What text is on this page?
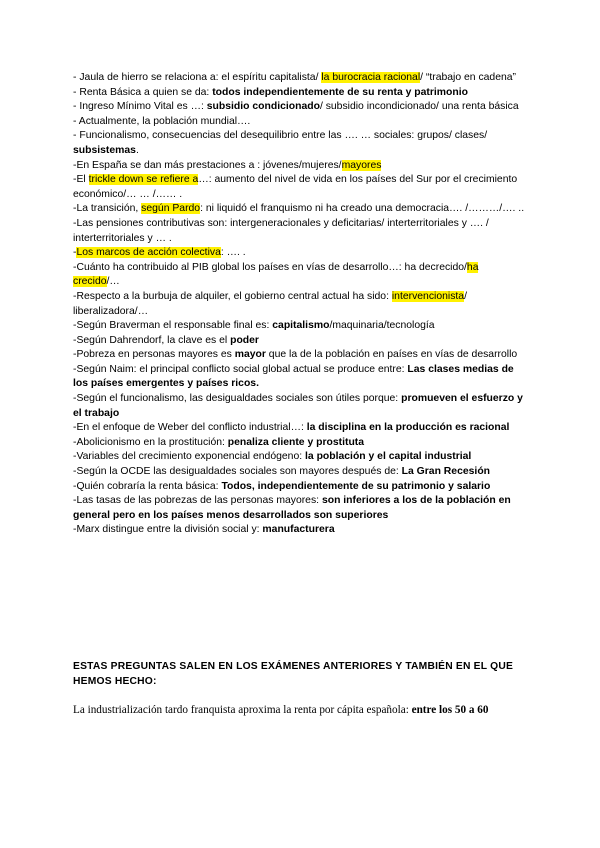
- Jaula de hierro se relaciona a: el espíritu capitalista/ la burocracia racional/ “trabajo en cadena”
- Renta Básica a quien se da: todos independientemente de su renta y patrimonio
- Ingreso Mínimo Vital es …: subsidio condicionado/ subsidio incondicionado/ una renta básica
- Actualmente, la población mundial….
- Funcionalismo, consecuencias del desequilibrio entre las …. … sociales: grupos/ clases/ subsistemas.
-En España se dan más prestaciones a : jóvenes/mujeres/mayores
-El trickle down se refiere a…: aumento del nivel de vida en los países del Sur por el crecimiento económico/… … /…… .
-La transición, según Pardo: ni liquidó el franquismo ni ha creado una democracia…. /………/…. ..
-Las pensiones contributivas son: intergeneracionales y deficitarias/ interterritoriales y …. / interterritoriales y … .
-Los marcos de acción colectiva: …. .
-Cuánto ha contribuido al PIB global los países en vías de desarrollo…: ha decrecido/ha crecido/…
-Respecto a la burbuja de alquiler, el gobierno central actual ha sido: intervencionista/ liberalizadora/…
-Según Braverman el responsable final es: capitalismo/maquinaria/tecnología
-Según Dahrendorf, la clave es el poder
-Pobreza en personas mayores es mayor que la de la población en países en vías de desarrollo
-Según Naim: el principal conflicto social global actual se produce entre: Las clases medias de los países emergentes y países ricos.
-Según el funcionalismo, las desigualdades sociales son útiles porque: promueven el esfuerzo y el trabajo
-En el enfoque de Weber del conflicto industrial…: la disciplina en la producción es racional
-Abolicionismo en la prostitución: penaliza cliente y prostituta
-Variables del crecimiento exponencial endógeno: la población y el capital industrial
-Según la OCDE las desigualdades sociales son mayores después de: La Gran Recesión
-Quién cobraría la renta básica: Todos, independientemente de su patrimonio y salario
-Las tasas de las pobrezas de las personas mayores: son inferiores a los de la población en general pero en los países menos desarrollados son superiores
-Marx distingue entre la división social y: manufacturera
ESTAS PREGUNTAS SALEN EN LOS EXÁMENES ANTERIORES Y TAMBIÉN EN EL QUE HEMOS HECHO:
La industrialización tardo franquista aproxima la renta por cápita española: entre los 50 a 60
